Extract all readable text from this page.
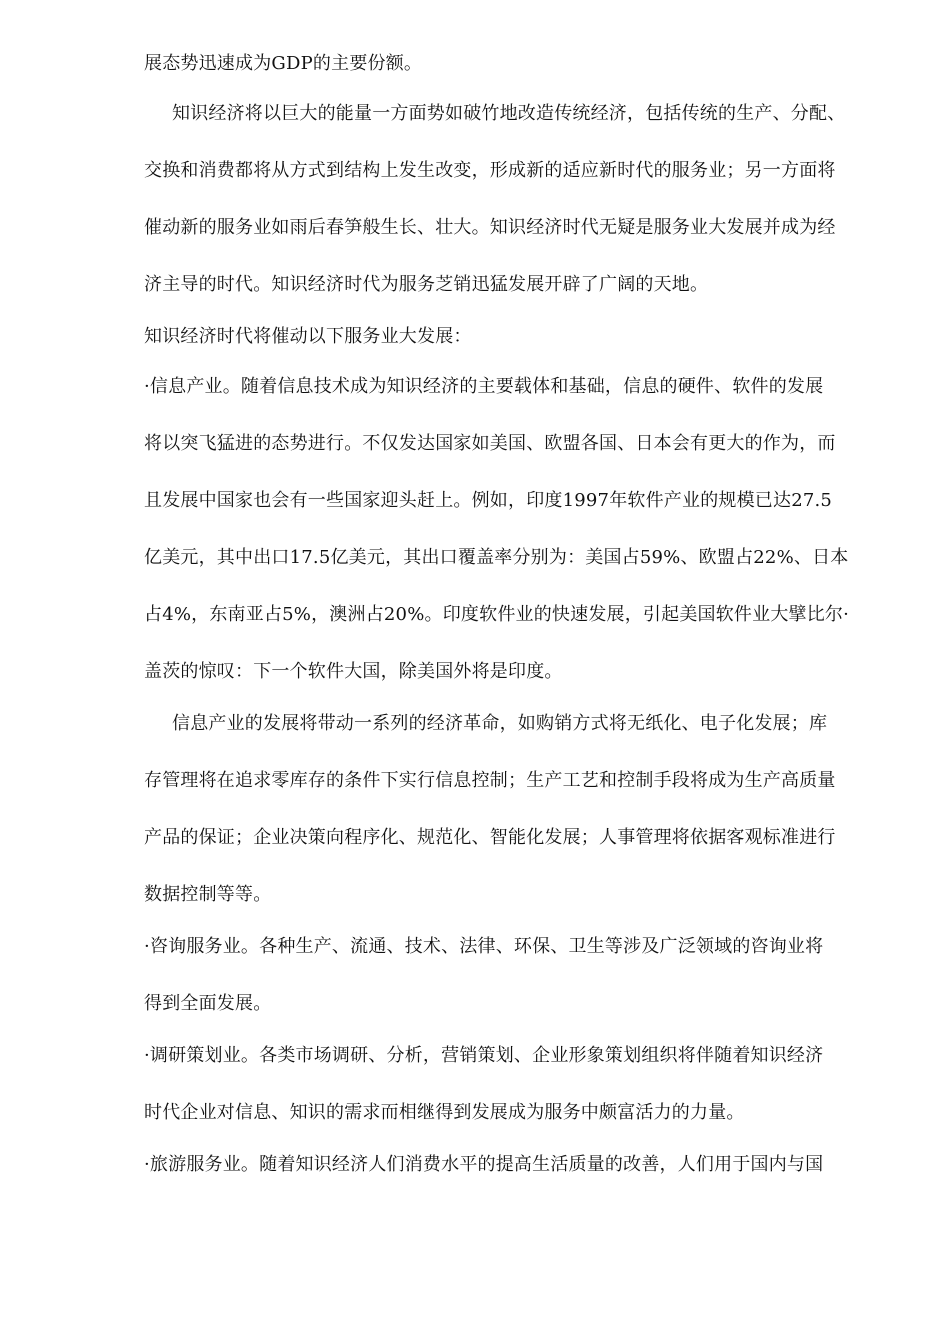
展态势迅速成为GDP的主要份额。
知识经济将以巨大的能量一方面势如破竹地改造传统经济，包括传统的生产、分配、
交换和消费都将从方式到结构上发生改变，形成新的适应新时代的服务业；另一方面将
催动新的服务业如雨后春笋般生长、壮大。知识经济时代无疑是服务业大发展并成为经
济主导的时代。知识经济时代为服务芝销迅猛发展开辟了广阔的天地。
知识经济时代将催动以下服务业大发展：
·信息产业。随着信息技术成为知识经济的主要载体和基础，信息的硬件、软件的发展
将以突飞猛进的态势进行。不仅发达国家如美国、欧盟各国、日本会有更大的作为，而
且发展中国家也会有一些国家迎头赶上。例如，印度1997年软件产业的规模已达27.5
亿美元，其中出口17.5亿美元，其出口覆盖率分别为：美国占59%、欧盟占22%、日本
占4%，东南亚占5%，澳洲占20%。印度软件业的快速发展，引起美国软件业大擘比尔·
盖茨的惊叹：下一个软件大国，除美国外将是印度。
信息产业的发展将带动一系列的经济革命，如购销方式将无纸化、电子化发展；库
存管理将在追求零库存的条件下实行信息控制；生产工艺和控制手段将成为生产高质量
产品的保证；企业决策向程序化、规范化、智能化发展；人事管理将依据客观标准进行
数据控制等等。
·咨询服务业。各种生产、流通、技术、法律、环保、卫生等涉及广泛领域的咨询业将
得到全面发展。
·调研策划业。各类市场调研、分析，营销策划、企业形象策划组织将伴随着知识经济
时代企业对信息、知识的需求而相继得到发展成为服务中颇富活力的力量。
·旅游服务业。随着知识经济人们消费水平的提高生活质量的改善，人们用于国内与国
